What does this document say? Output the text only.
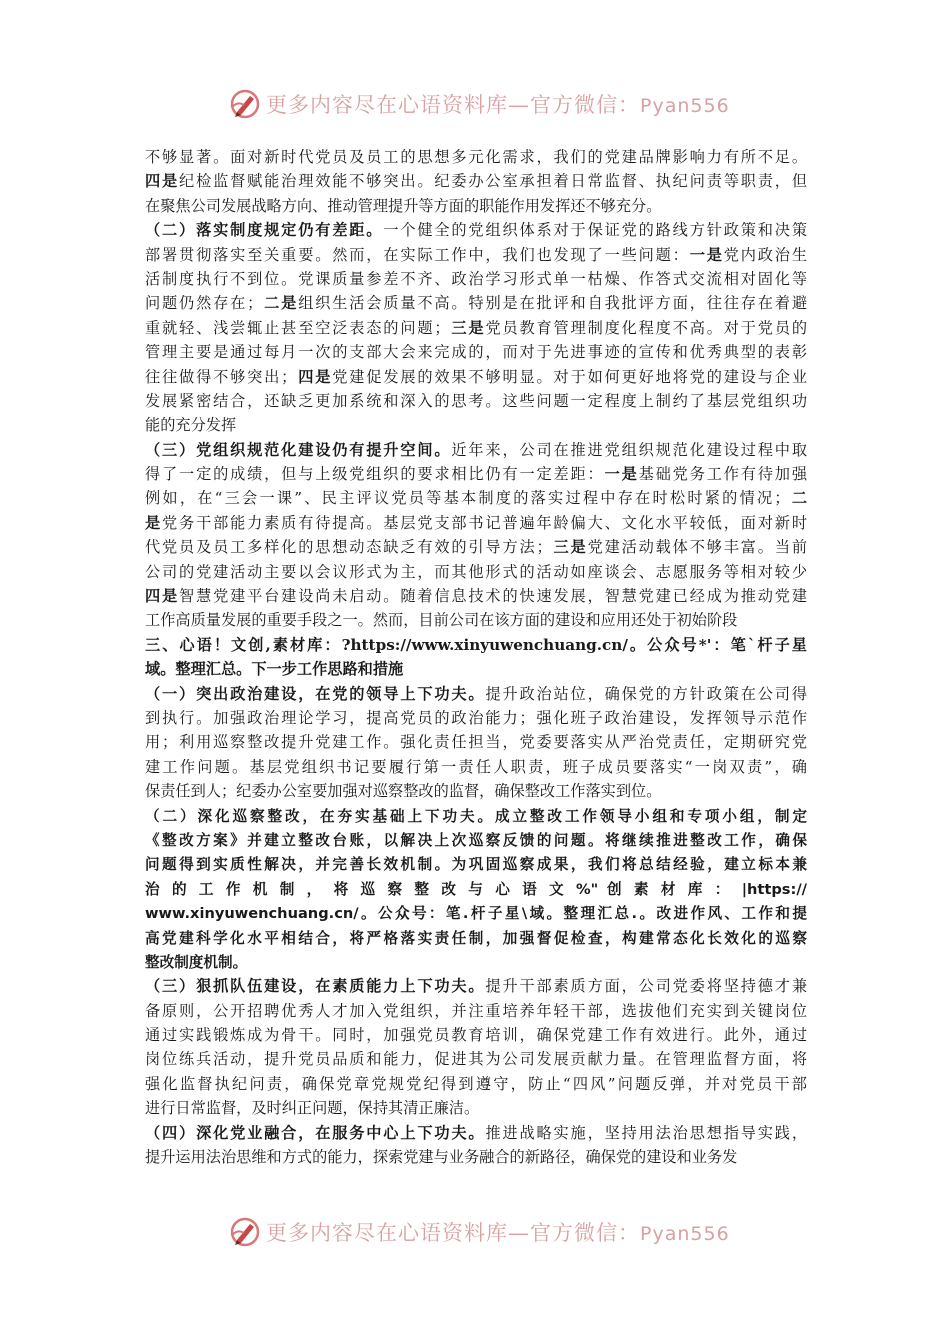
更多内容尽在心语资料库—官方微信：Pyan556
不够显著。面对新时代党员及员工的思想多元化需求，我们的党建品牌影响力有所不足。
四是纪检监督赋能治理效能不够突出。纪委办公室承担着日常监督、执纪问责等职责，但
在聚焦公司发展战略方向、推动管理提升等方面的职能作用发挥还不够充分。
（二）落实制度规定仍有差距。一个健全的党组织体系对于保证党的路线方针政策和决策
部署贯彻落实至关重要。然而，在实际工作中，我们也发现了一些问题：一是党内政治生
活制度执行不到位。党课质量参差不齐、政治学习形式单一枯燥、作答式交流相对固化等
问题仍然存在；二是组织生活会质量不高。特别是在批评和自我批评方面，往往存在着避
重就轻、浅尝辄止甚至空泛表态的问题；三是党员教育管理制度化程度不高。对于党员的
管理主要是通过每月一次的支部大会来完成的，而对于先进事迹的宣传和优秀典型的表彰
往往做得不够突出；四是党建促发展的效果不够明显。对于如何更好地将党的建设与企业
发展紧密结合，还缺乏更加系统和深入的思考。这些问题一定程度上制约了基层党组织功
能的充分发挥
（三）党组织规范化建设仍有提升空间。近年来，公司在推进党组织规范化建设过程中取
得了一定的成绩，但与上级党组织的要求相比仍有一定差距：一是基础党务工作有待加强
例如，在“三会一课”、民主评议党员等基本制度的落实过程中存在时松时紧的情况；二
是党务干部能力素质有待提高。基层党支部书记普遍年龄偏大、文化水平较低，面对新时
代党员及员工多样化的思想动态缺乏有效的引导方法；三是党建活动载体不够丰富。当前
公司的党建活动主要以会议形式为主，而其他形式的活动如座谈会、志愿服务等相对较少
四是智慧党建平台建设尚未启动。随着信息技术的快速发展，智慧党建已经成为推动党建
工作高质量发展的重要手段之一。然而，目前公司在该方面的建设和应用还处于初始阶段
三、心语！文创,素材库：?https://www.xinyuwenchuang.cn/。公众号*'：笔`杆子星
域。整理汇总。下一步工作思路和措施
（一）突出政治建设，在党的领导上下功夫。提升政治站位，确保党的方针政策在公司得
到执行。加强政治理论学习，提高党员的政治能力；强化班子政治建设，发挥领导示范作
用；利用巡察整改提升党建工作。强化责任担当，党委要落实从严治党责任，定期研究党
建工作问题。基层党组织书记要履行第一责任人职责，班子成员要落实“一岗双责”，确
保责任到人；纪委办公室要加强对巡察整改的监督，确保整改工作落实到位。
（二）深化巡察整改，在夯实基础上下功夫。成立整改工作领导小组和专项小组，制定
《整改方案》并建立整改台账，以解决上次巡察反馈的问题。将继续推进整改工作，确保
问题得到实质性解决，并完善长效机制。为巩固巡察成果，我们将总结经验，建立标本兼
治 的 工 作 机 制 ， 将 巡 察 整 改 与 心 语 文 %" 创 素 材 库 ： |https://
www.xinyuwenchuang.cn/。公众号：笔.杆子星\域。整理汇总.。改进作风、工作和提
高党建科学化水平相结合，将严格落实责任制，加强督促检查，构建常态化长效化的巡察
整改制度机制。
（三）狠抓队伍建设，在素质能力上下功夫。提升干部素质方面，公司党委将坚持德才兼
备原则，公开招聘优秀人才加入党组织，并注重培养年轻干部，选拔他们充实到关键岗位
通过实践锻炼成为骨干。同时，加强党员教育培训，确保党建工作有效进行。此外，通过
岗位练兵活动，提升党员品质和能力，促进其为公司发展贡献力量。在管理监督方面，将
强化监督执纪问责，确保党章党规党纪得到遵守，防止“四风”问题反弹，并对党员干部
进行日常监督，及时纠正问题，保持其清正廉洁。
（四）深化党业融合，在服务中心上下功夫。推进战略实施，坚持用法治思想指导实践，
提升运用法治思维和方式的能力，探索党建与业务融合的新路径，确保党的建设和业务发
更多内容尽在心语资料库—官方微信：Pyan556
